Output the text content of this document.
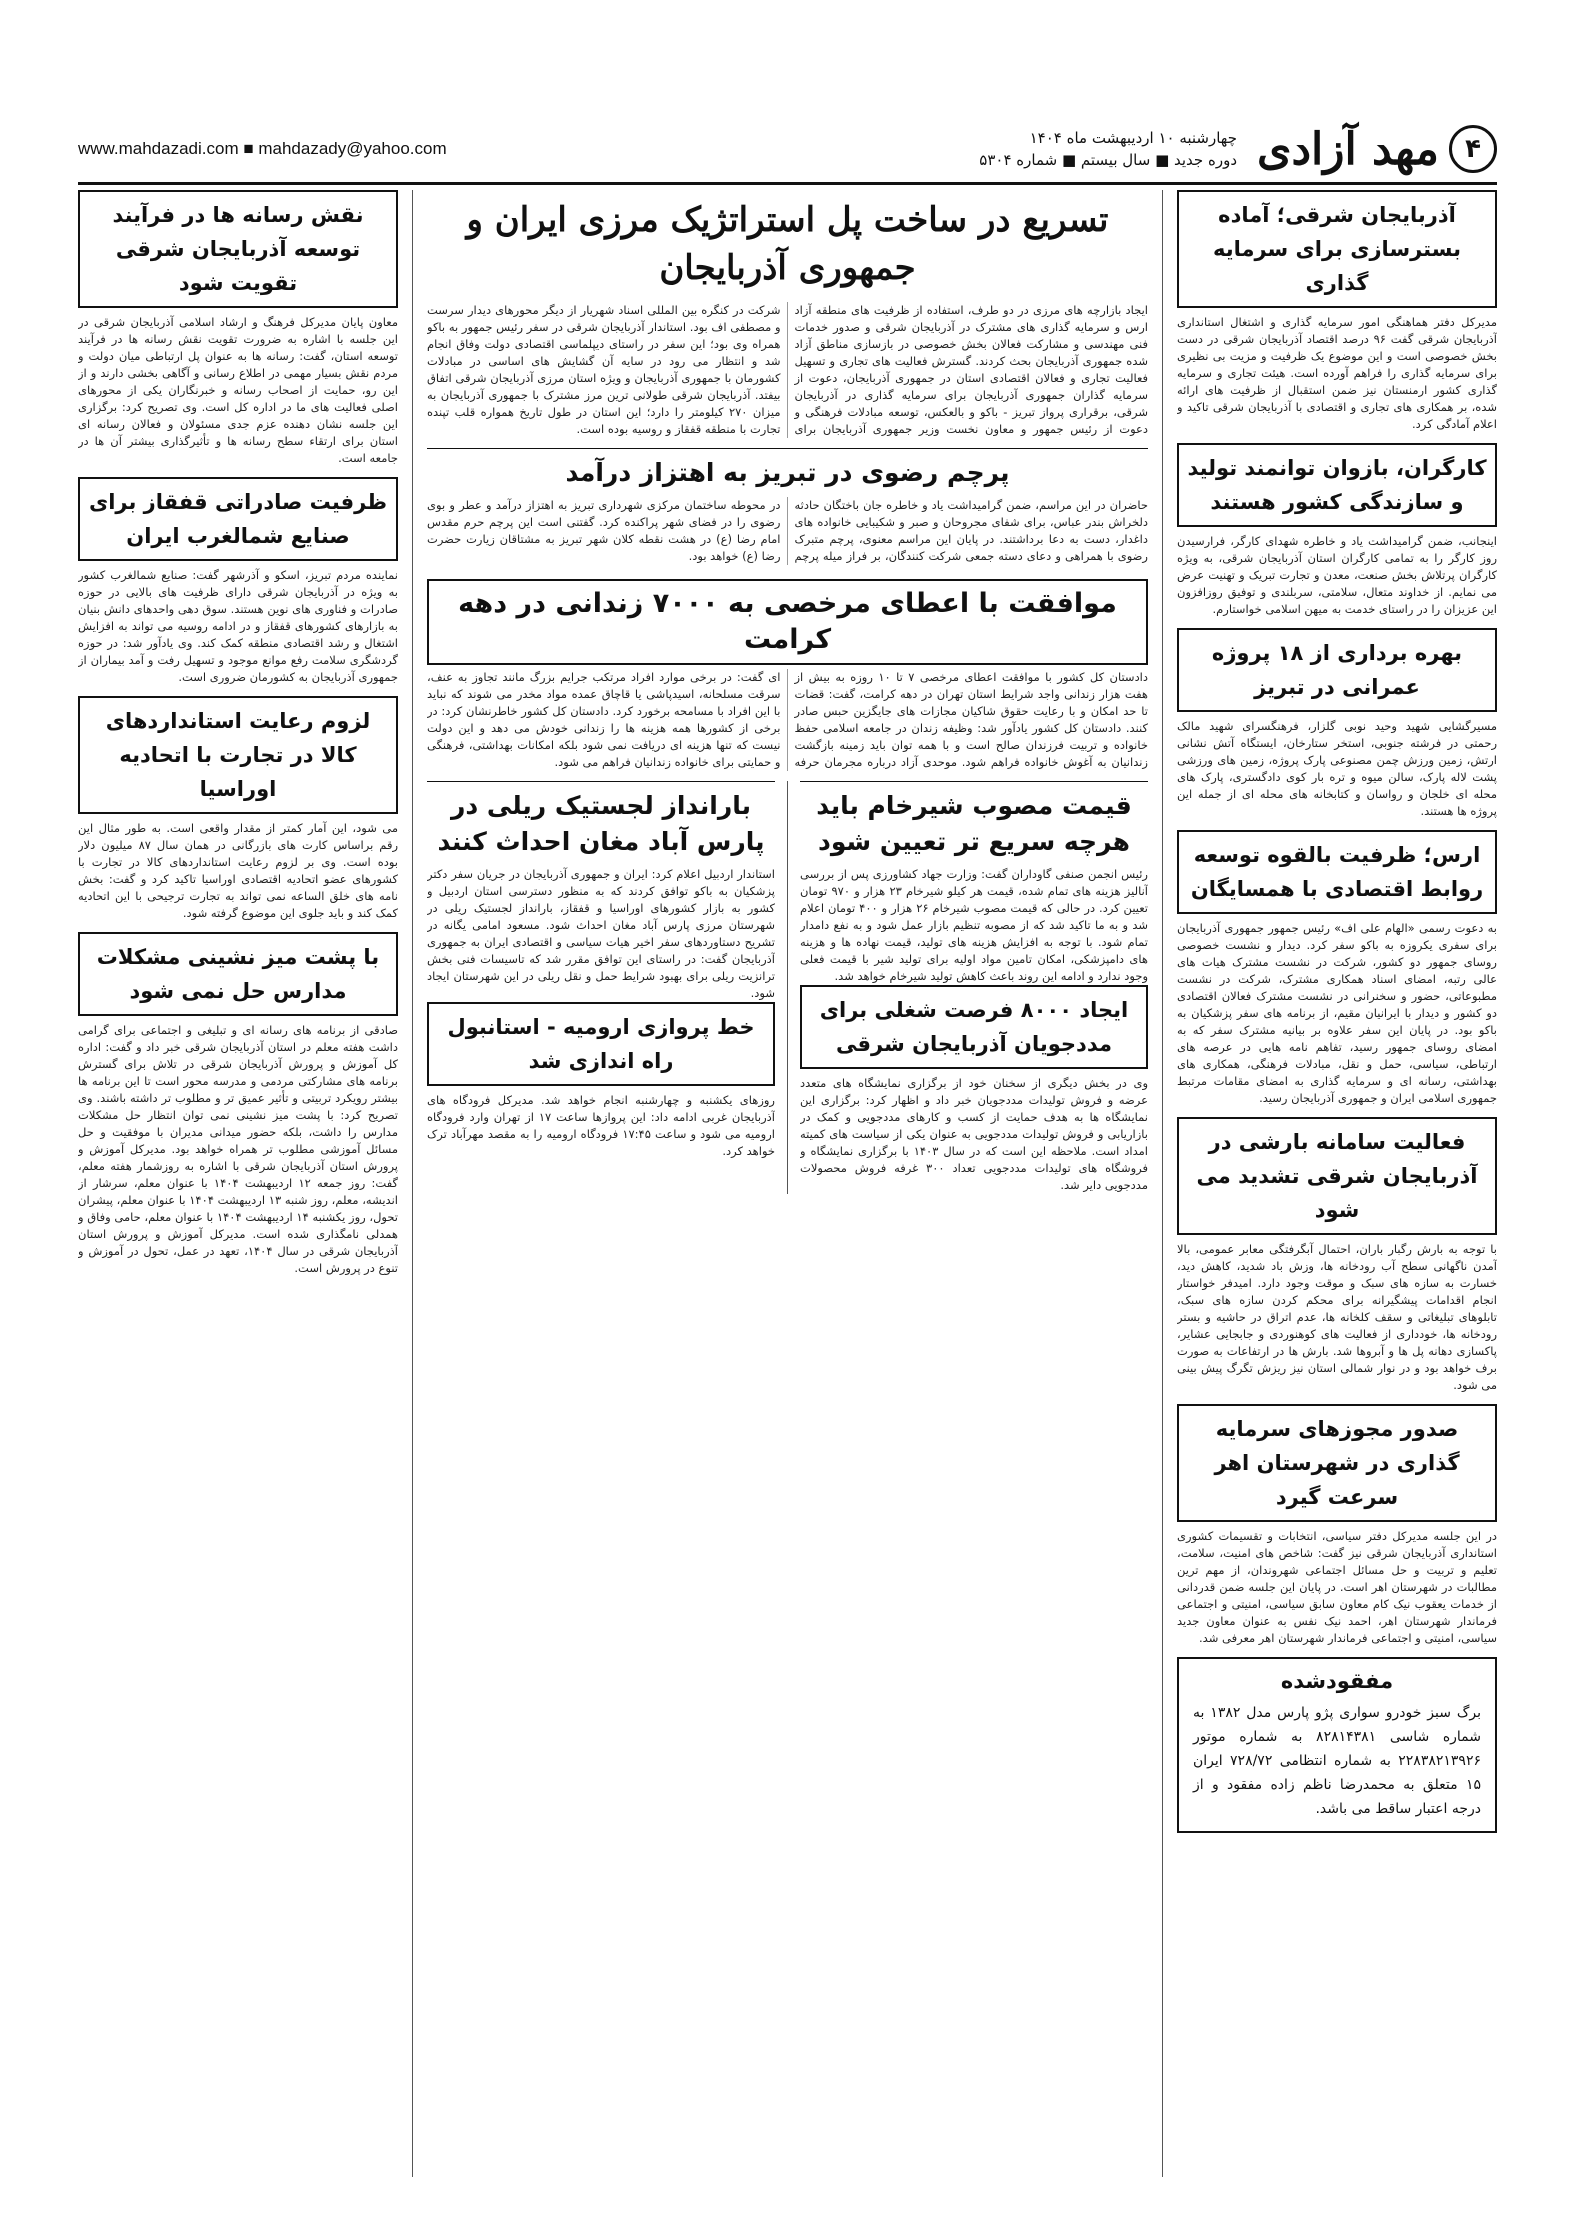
۴
مهد آزادی
چهارشنبه ۱۰ اردیبهشت ماه ۱۴۰۴
دوره جدید ■ سال بیستم ■ شماره ۵۳۰۴
www.mahdazadi.com ■ mahdazady@yahoo.com
آذربایجان شرقی؛ آماده بسترسازی برای سرمایه گذاری

مدیرکل دفتر هماهنگی امور سرمایه گذاری و اشتغال استانداری آذربایجان شرقی گفت ۹۶ درصد اقتصاد آذربایجان شرقی در دست بخش خصوصی است و این موضوع یک ظرفیت و مزیت بی نظیری برای سرمایه گذاری را فراهم آورده است. هیئت تجاری و سرمایه گذاری کشور ارمنستان نیز ضمن استقبال از ظرفیت های ارائه شده، بر همکاری های تجاری و اقتصادی با آذربایجان شرقی تاکید و اعلام آمادگی کرد.

کارگران، بازوان توانمند تولید و سازندگی کشور هستند

اینجانب، ضمن گرامیداشت یاد و خاطره شهدای کارگر، فرارسیدن روز کارگر را به تمامی کارگران استان آذربایجان شرقی، به ویژه کارگران پرتلاش بخش صنعت، معدن و تجارت تبریک و تهنیت عرض می نمایم. از خداوند متعال، سلامتی، سربلندی و توفیق روزافزون این عزیزان را در راستای خدمت به میهن اسلامی خواستارم.

بهره برداری از ۱۸ پروژه عمرانی در تبریز

مسیرگشایی شهید وحید نوبی گلزار، فرهنگسرای شهید مالک رحمتی در فرشته جنوبی، استخر ستارخان، ایستگاه آتش نشانی ارتش، زمین ورزش چمن مصنوعی پارک پروژه، زمین های ورزشی پشت لاله پارک، سالن میوه و تره بار کوی دادگستری، پارک های محله ای خلجان و رواسان و کتابخانه های محله ای از جمله این پروژه ها هستند.

ارس؛ ظرفیت بالقوه توسعه روابط اقتصادی با همسایگان

به دعوت رسمی «الهام علی اف» رئیس جمهور جمهوری آذربایجان برای سفری یکروزه به باکو سفر کرد. دیدار و نشست خصوصی روسای جمهور دو کشور، شرکت در نشست مشترک هیات های عالی رتبه، امضای اسناد همکاری مشترک، شرکت در نشست مطبوعاتی، حضور و سخنرانی در نشست مشترک فعالان اقتصادی دو کشور و دیدار با ایرانیان مقیم، از برنامه های سفر پزشکیان به باکو بود. در پایان این سفر علاوه بر بیانیه مشترک سفر که به امضای روسای جمهور رسید، تفاهم نامه هایی در عرصه های ارتباطی، سیاسی، حمل و نقل، مبادلات فرهنگی، همکاری های بهداشتی، رسانه ای و سرمایه گذاری به امضای مقامات مرتبط جمهوری اسلامی ایران و جمهوری آذربایجان رسید.

فعالیت سامانه بارشی در آذربایجان شرقی تشدید می شود

با توجه به بارش رگبار باران، احتمال آبگرفتگی معابر عمومی، بالا آمدن ناگهانی سطح آب رودخانه ها، وزش باد شدید، کاهش دید، خسارت به سازه های سبک و موقت وجود دارد. امیدفر خواستار انجام اقدامات پیشگیرانه برای محکم کردن سازه های سبک، تابلوهای تبلیغاتی و سقف کلخانه ها، عدم اتراق در حاشیه و بستر رودخانه ها، خودداری از فعالیت های کوهنوردی و جابجایی عشایر، پاکسازی دهانه پل ها و آبروها شد. بارش ها در ارتفاعات به صورت برف خواهد بود و در نوار شمالی استان نیز ریزش تگرگ پیش بینی می شود.

صدور مجوزهای سرمایه گذاری در شهرستان اهر سرعت گیرد

در این جلسه مدیرکل دفتر سیاسی، انتخابات و تقسیمات کشوری استانداری آذربایجان شرقی نیز گفت: شاخص های امنیت، سلامت، تعلیم و تربیت و حل مسائل اجتماعی شهروندان، از مهم ترین مطالبات در شهرستان اهر است. در پایان این جلسه ضمن قدردانی از خدمات یعقوب نیک کام معاون سابق سیاسی، امنیتی و اجتماعی فرماندار شهرستان اهر، احمد نیک نفس به عنوان معاون جدید سیاسی، امنیتی و اجتماعی فرماندار شهرستان اهر معرفی شد.

مفقودشده

برگ سبز خودرو سواری پژو پارس مدل ۱۳۸۲ به شماره شاسی ۸۲۸۱۴۳۸۱ به شماره موتور ۲۲۸۳۸۲۱۳۹۲۶ به شماره انتظامی ۷۲۸/۷۲ ایران ۱۵ متعلق به محمدرضا ناظم زاده مفقود و از درجه اعتبار ساقط می باشد.

تسریع در ساخت پل استراتژیک مرزی ایران و جمهوری آذربایجان

ایجاد بازارچه های مرزی در دو طرف، استفاده از ظرفیت های منطقه آزاد ارس و سرمایه گذاری های مشترک در آذربایجان شرقی و صدور خدمات فنی مهندسی و مشارکت فعالان بخش خصوصی در بازسازی مناطق آزاد شده جمهوری آذربایجان بحث کردند. گسترش فعالیت های تجاری و تسهیل فعالیت تجاری و فعالان اقتصادی استان در جمهوری آذربایجان، دعوت از سرمایه گذاران جمهوری آذربایجان برای سرمایه گذاری در آذربایجان شرقی، برقراری پرواز تبریز - باکو و بالعکس، توسعه مبادلات فرهنگی و دعوت از رئیس جمهور و معاون نخست وزیر جمهوری آذربایجان برای شرکت در کنگره بین المللی اسناد شهریار از دیگر محورهای دیدار سرست و مصطفی اف بود. استاندار آذربایجان شرقی در سفر رئیس جمهور به باکو همراه وی بود؛ این سفر در راستای دیپلماسی اقتصادی دولت وفاق انجام شد و انتظار می رود در سایه آن گشایش های اساسی در مبادلات کشورمان با جمهوری آذربایجان و ویژه استان مرزی آذربایجان شرقی اتفاق بیفتد. آذربایجان شرقی طولانی ترین مرز مشترک با جمهوری آذربایجان به میزان ۲۷۰ کیلومتر را دارد؛ این استان در طول تاریخ همواره قلب تپنده تجارت با منطقه قفقاز و روسیه بوده است.

پرچم رضوی در تبریز به اهتزاز درآمد

حاضران در این مراسم، ضمن گرامیداشت یاد و خاطره جان باختگان حادثه دلخراش بندر عباس، برای شفای مجروحان و صبر و شکیبایی خانواده های داغدار، دست به دعا برداشتند. در پایان این مراسم معنوی، پرچم متبرک رضوی با همراهی و دعای دسته جمعی شرکت کنندگان، بر فراز میله پرچم در محوطه ساختمان مرکزی شهرداری تبریز به اهتزاز درآمد و عطر و بوی رضوی را در فضای شهر پراکنده کرد. گفتنی است این پرچم حرم مقدس امام رضا (ع) در هشت نقطه کلان شهر تبریز به مشتاقان زیارت حضرت رضا (ع) خواهد بود.

موافقت با اعطای مرخصی به ۷۰۰۰ زندانی در دهه کرامت

دادستان کل کشور با موافقت اعطای مرخصی ۷ تا ۱۰ روزه به بیش از هفت هزار زندانی واجد شرایط استان تهران در دهه کرامت، گفت: قضات تا حد امکان و با رعایت حقوق شاکیان مجازات های جایگزین حبس صادر کنند. دادستان کل کشور یادآور شد: وظیفه زندان در جامعه اسلامی حفظ خانواده و تربیت فرزندان صالح است و با همه توان باید زمینه بازگشت زندانیان به آغوش خانواده فراهم شود. موحدی آزاد درباره مجرمان حرفه ای گفت: در برخی موارد افراد مرتکب جرایم بزرگ مانند تجاوز به عنف، سرقت مسلحانه، اسیدپاشی یا قاچاق عمده مواد مخدر می شوند که نباید با این افراد با مسامحه برخورد کرد. دادستان کل کشور خاطرنشان کرد: در برخی از کشورها همه هزینه ها را زندانی خودش می دهد و این دولت نیست که تنها هزینه ای دریافت نمی شود بلکه امکانات بهداشتی، فرهنگی و حمایتی برای خانواده زندانیان فراهم می شود.

قیمت مصوب شیرخام باید هرچه سریع تر تعیین شود

رئیس انجمن صنفی گاوداران گفت: وزارت جهاد کشاورزی پس از بررسی آنالیز هزینه های تمام شده، قیمت هر کیلو شیرخام ۲۳ هزار و ۹۷۰ تومان تعیین کرد. در حالی که قیمت مصوب شیرخام ۲۶ هزار و ۴۰۰ تومان اعلام شد و به ما تاکید شد که از مصوبه تنظیم بازار عمل شود و به نفع دامدار تمام شود. با توجه به افزایش هزینه های تولید، قیمت نهاده ها و هزینه های دامپزشکی، امکان تامین مواد اولیه برای تولید شیر با قیمت فعلی وجود ندارد و ادامه این روند باعث کاهش تولید شیرخام خواهد شد.

ایجاد ۸۰۰۰ فرصت شغلی برای مددجویان آذربایجان شرقی

وی در بخش دیگری از سخنان خود از برگزاری نمایشگاه های متعدد عرضه و فروش تولیدات مددجویان خبر داد و اظهار کرد: برگزاری این نمایشگاه ها به هدف حمایت از کسب و کارهای مددجویی و کمک در بازاریابی و فروش تولیدات مددجویی به عنوان یکی از سیاست های کمیته امداد است. ملاحظه این است که در سال ۱۴۰۳ با برگزاری نمایشگاه و فروشگاه های تولیدات مددجویی تعداد ۳۰۰ غرفه فروش محصولات مددجویی دایر شد.

بارانداز لجستیک ریلی در پارس آباد مغان احداث کنند

استاندار اردبیل اعلام کرد: ایران و جمهوری آذربایجان در جریان سفر دکتر پزشکیان به باکو توافق کردند که به منظور دسترسی استان اردبیل و کشور به بازار کشورهای اوراسیا و قفقاز، بارانداز لجستیک ریلی در شهرستان مرزی پارس آباد مغان احداث شود. مسعود امامی یگانه در تشریح دستاوردهای سفر اخیر هیات سیاسی و اقتصادی ایران به جمهوری آذربایجان گفت: در راستای این توافق مقرر شد که تاسیسات فنی بخش ترانزیت ریلی برای بهبود شرایط حمل و نقل ریلی در این شهرستان ایجاد شود.

خط پروازی ارومیه - استانبول راه اندازی شد

روزهای یکشنبه و چهارشنبه انجام خواهد شد. مدیرکل فرودگاه های آذربایجان غربی ادامه داد: این پروازها ساعت ۱۷ از تهران وارد فرودگاه ارومیه می شود و ساعت ۱۷:۴۵ فرودگاه ارومیه را به مقصد مهرآباد ترک خواهد کرد.

نقش رسانه ها در فرآیند توسعه آذربایجان شرقی تقویت شود

معاون پایان مدیرکل فرهنگ و ارشاد اسلامی آذربایجان شرقی در این جلسه با اشاره به ضرورت تقویت نقش رسانه ها در فرآیند توسعه استان، گفت: رسانه ها به عنوان پل ارتباطی میان دولت و مردم نقش بسیار مهمی در اطلاع رسانی و آگاهی بخشی دارند و از این رو، حمایت از اصحاب رسانه و خبرنگاران یکی از محورهای اصلی فعالیت های ما در اداره کل است. وی تصریح کرد: برگزاری این جلسه نشان دهنده عزم جدی مسئولان و فعالان رسانه ای استان برای ارتقاء سطح رسانه ها و تأثیرگذاری بیشتر آن ها در جامعه است.

ظرفیت صادراتی قفقاز برای صنایع شمالغرب ایران

نماینده مردم تبریز، اسکو و آذرشهر گفت: صنایع شمالغرب کشور به ویژه در آذربایجان شرقی دارای ظرفیت های بالایی در حوزه صادرات و فناوری های نوین هستند. سوق دهی واحدهای دانش بنیان به بازارهای کشورهای قفقاز و در ادامه روسیه می تواند به افزایش اشتغال و رشد اقتصادی منطقه کمک کند. وی یادآور شد: در حوزه گردشگری سلامت رفع موانع موجود و تسهیل رفت و آمد بیماران از جمهوری آذربایجان به کشورمان ضروری است.

لزوم رعایت استانداردهای کالا در تجارت با اتحادیه اوراسیا

می شود، این آمار کمتر از مقدار واقعی است. به طور مثال این رقم براساس کارت های بازرگانی در همان سال ۸۷ میلیون دلار بوده است. وی بر لزوم رعایت استانداردهای کالا در تجارت با کشورهای عضو اتحادیه اقتصادی اوراسیا تاکید کرد و گفت: بخش نامه های خلق الساعه نمی تواند به تجارت ترجیحی با این اتحادیه کمک کند و باید جلوی این موضوع گرفته شود.

با پشت میز نشینی مشکلات مدارس حل نمی شود

صادقی از برنامه های رسانه ای و تبلیغی و اجتماعی برای گرامی داشت هفته معلم در استان آذربایجان شرقی خبر داد و گفت: اداره کل آموزش و پرورش آذربایجان شرقی در تلاش برای گسترش برنامه های مشارکتی مردمی و مدرسه محور است تا این برنامه ها بیشتر رویکرد تربیتی و تأثیر عمیق تر و مطلوب تر داشته باشند. وی تصریح کرد: با پشت میز نشینی نمی توان انتظار حل مشکلات مدارس را داشت، بلکه حضور میدانی مدیران با موفقیت و حل مسائل آموزشی مطلوب تر همراه خواهد بود. مدیرکل آموزش و پرورش استان آذربایجان شرقی با اشاره به روزشمار هفته معلم، گفت: روز جمعه ۱۲ اردیبهشت ۱۴۰۴ با عنوان معلم، سرشار از اندیشه، معلم، روز شنبه ۱۳ اردیبهشت ۱۴۰۴ با عنوان معلم، پیشران تحول، روز یکشنبه ۱۴ اردیبهشت ۱۴۰۴ با عنوان معلم، حامی وفاق و همدلی نامگذاری شده است. مدیرکل آموزش و پرورش استان آذربایجان شرقی در سال ۱۴۰۴، تعهد در عمل، تحول در آموزش و تنوع در پرورش است.
